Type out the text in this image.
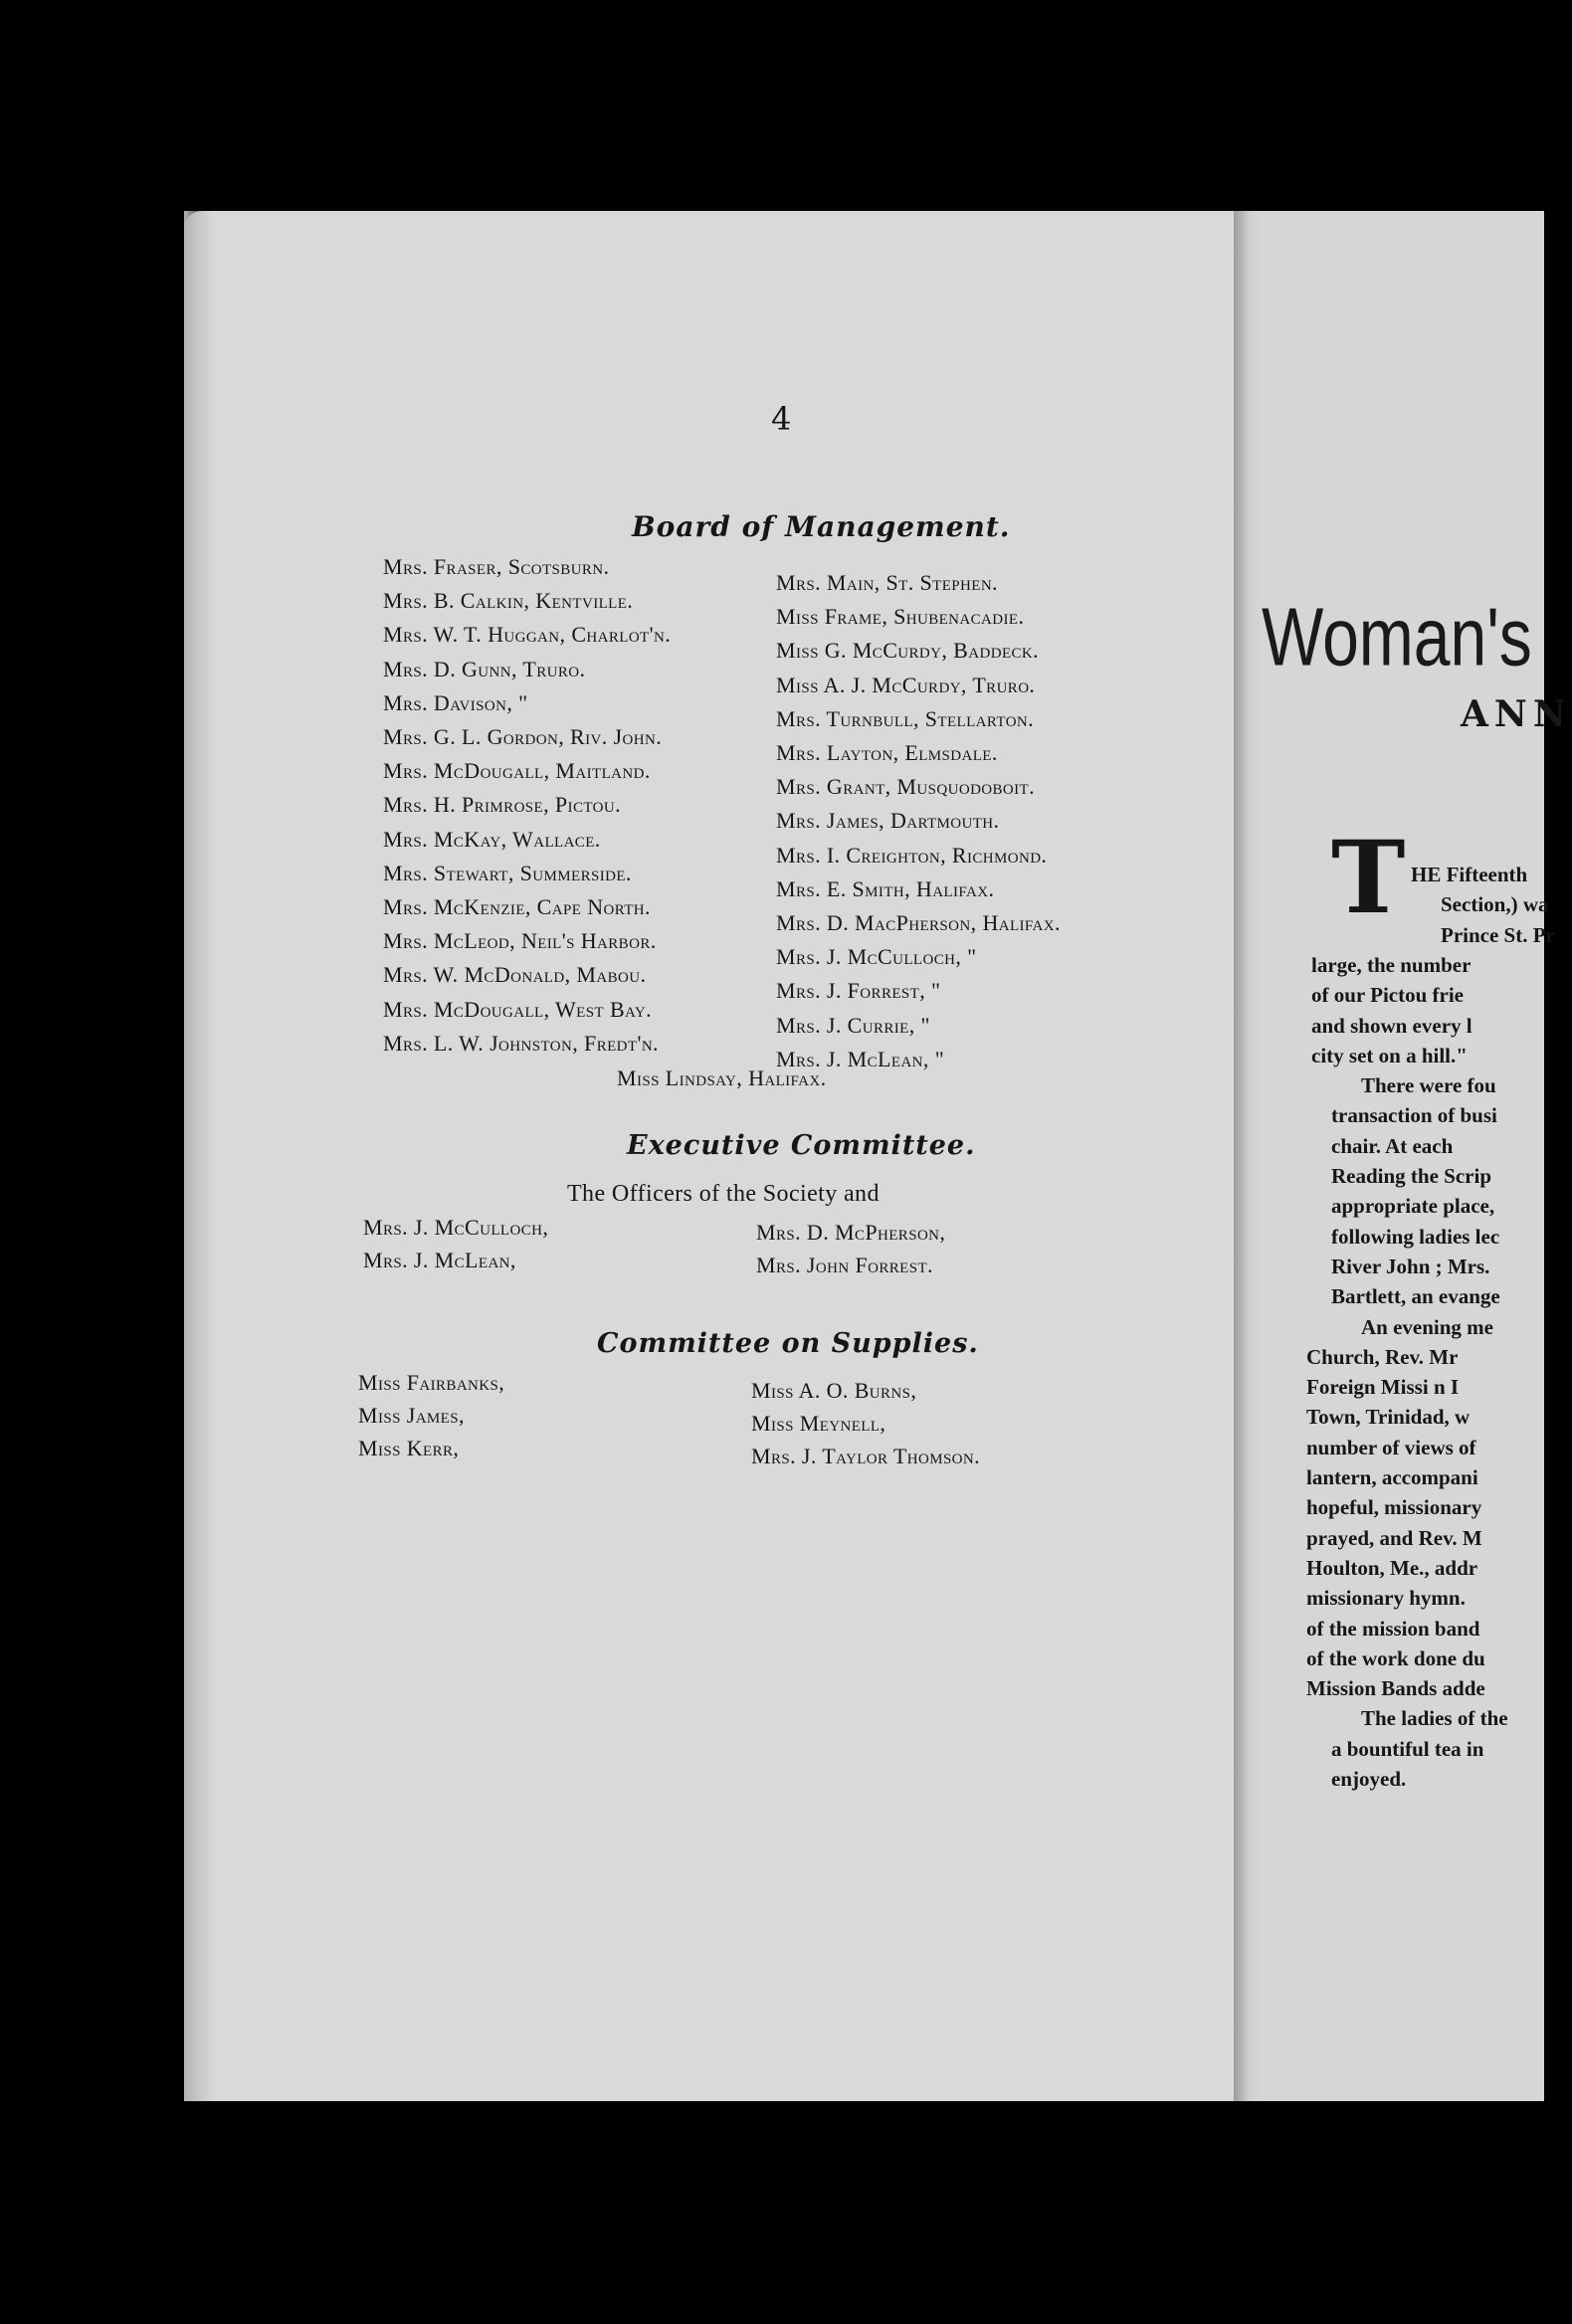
Woman's
ANN
T HE Fifteenth
Section,) wa
Prince St. Pr
large, the number
of our Pictou frie
and shown every l
city set on a hill."
There were fou
transaction of busi
chair. At each
Reading the Scrip
appropriate place,
following ladies lec
River John ; Mrs.
Bartlett, an evange
An evening me
Church, Rev. Mr
Foreign Missi n I
Town, Trinidad, w
number of views of
lantern, accompani
hopeful, missionary
prayed, and Rev. M
Houlton, Me., addr
missionary hymn.
of the mission band
of the work done du
Mission Bands adde
The ladies of the
a bountiful tea in
enjoyed.
4
Board of Management.
Miss Lindsay, Halifax.
Executive Committee.
The Officers of the Society and
Mrs. J. McCulloch,
Mrs. J. McLean,
Mrs. D. McPherson,
Mrs. John Forrest.
Committee on Supplies.
Miss Fairbanks,
Miss James,
Miss Kerr,
Miss A. O. Burns,
Miss Meynell,
Mrs. J. Taylor Thomson.
Mrs. Fraser, Scotsburn.
Mrs. B. Calkin, Kentville.
Mrs. W. T. Huggan, Charlot'n.
Mrs. D. Gunn, Truro.
Mrs. Davison, "
Mrs. G. L. Gordon, Riv. John.
Mrs. McDougall, Maitland.
Mrs. H. Primrose, Pictou.
Mrs. McKay, Wallace.
Mrs. Stewart, Summerside.
Mrs. McKenzie, Cape North.
Mrs. McLeod, Neil's Harbor.
Mrs. W. McDonald, Mabou.
Mrs. McDougall, West Bay.
Mrs. L. W. Johnston, Fredt'n.
Mrs. Main, St. Stephen.
Miss Frame, Shubenacadie.
Miss G. McCurdy, Baddeck.
Miss A. J. McCurdy, Truro.
Mrs. Turnbull, Stellarton.
Mrs. Layton, Elmsdale.
Mrs. Grant, Musquodoboit.
Mrs. James, Dartmouth.
Mrs. I. Creighton, Richmond.
Mrs. E. Smith, Halifax.
Mrs. D. MacPherson, Halifax.
Mrs. J. McCulloch, "
Mrs. J. Forrest, "
Mrs. J. Currie, "
Mrs. J. McLean, "
